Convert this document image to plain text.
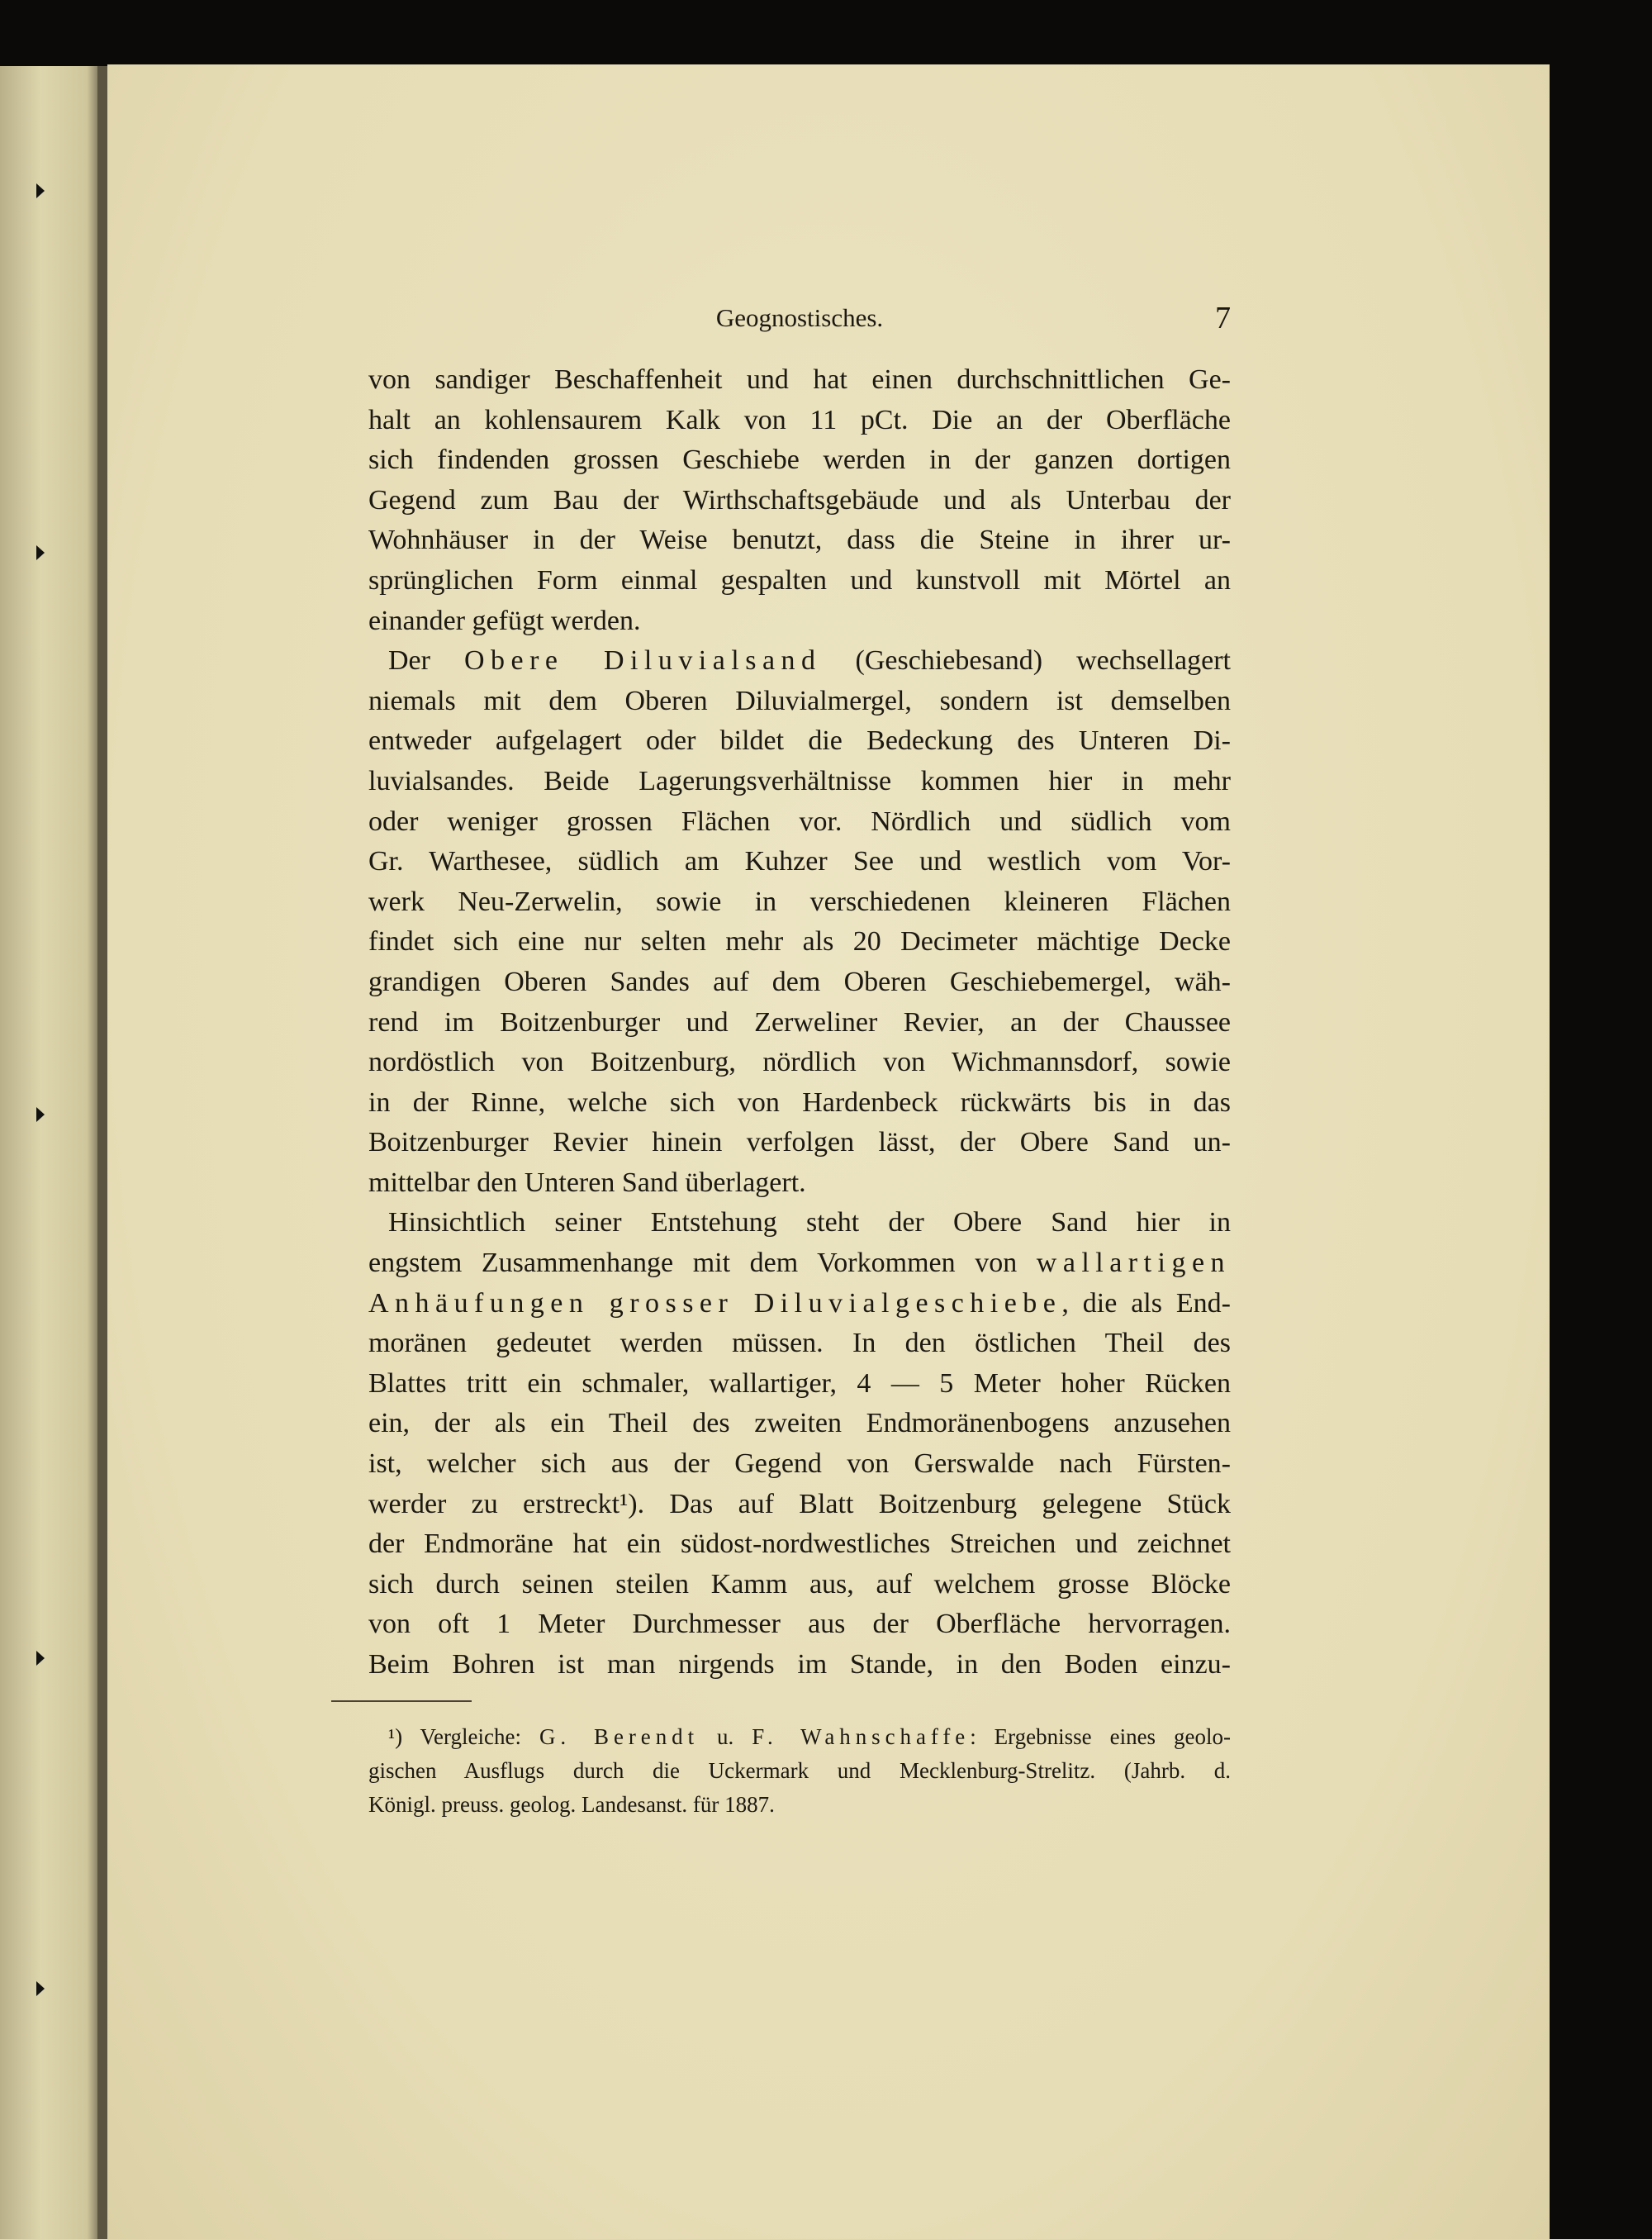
Geognostisches.	7
von sandiger Beschaffenheit und hat einen durchschnittlichen Ge-
halt an kohlensaurem Kalk von 11 pCt. Die an der Oberfläche
sich findenden grossen Geschiebe werden in der ganzen dortigen
Gegend zum Bau der Wirthschaftsgebäude und als Unterbau der
Wohnhäuser in der Weise benutzt, dass die Steine in ihrer ur-
sprünglichen Form einmal gespalten und kunstvoll mit Mörtel an
einander gefügt werden.
Der Obere Diluvialsand (Geschiebesand) wechsellagert
niemals mit dem Oberen Diluvialmergel, sondern ist demselben
entweder aufgelagert oder bildet die Bedeckung des Unteren Di-
luvialsandes. Beide Lagerungsverhältnisse kommen hier in mehr
oder weniger grossen Flächen vor. Nördlich und südlich vom
Gr. Warthesee, südlich am Kuhzer See und westlich vom Vor-
werk Neu-Zerwelin, sowie in verschiedenen kleineren Flächen
findet sich eine nur selten mehr als 20 Decimeter mächtige Decke
grandigen Oberen Sandes auf dem Oberen Geschiebemergel, wäh-
rend im Boitzenburger und Zerweliner Revier, an der Chaussee
nordöstlich von Boitzenburg, nördlich von Wichmannsdorf, sowie
in der Rinne, welche sich von Hardenbeck rückwärts bis in das
Boitzenburger Revier hinein verfolgen lässt, der Obere Sand un-
mittelbar den Unteren Sand überlagert.
Hinsichtlich seiner Entstehung steht der Obere Sand hier in
engstem Zusammenhange mit dem Vorkommen von wallartigen
Anhäufungen grosser Diluvialgeschiebe, die als End-
moränen gedeutet werden müssen. In den östlichen Theil des
Blattes tritt ein schmaler, wallartiger, 4 — 5 Meter hoher Rücken
ein, der als ein Theil des zweiten Endmoränenbogens anzusehen
ist, welcher sich aus der Gegend von Gerswalde nach Fürsten-
werder zu erstreckt¹). Das auf Blatt Boitzenburg gelegene Stück
der Endmoräne hat ein südost-nordwestliches Streichen und zeichnet
sich durch seinen steilen Kamm aus, auf welchem grosse Blöcke
von oft 1 Meter Durchmesser aus der Oberfläche hervorragen.
Beim Bohren ist man nirgends im Stande, in den Boden einzu-
¹) Vergleiche: G. Berendt u. F. Wahnschaffe: Ergebnisse eines geolo-
gischen Ausflugs durch die Uckermark und Mecklenburg-Strelitz. (Jahrb. d.
Königl. preuss. geolog. Landesanst. für 1887.
